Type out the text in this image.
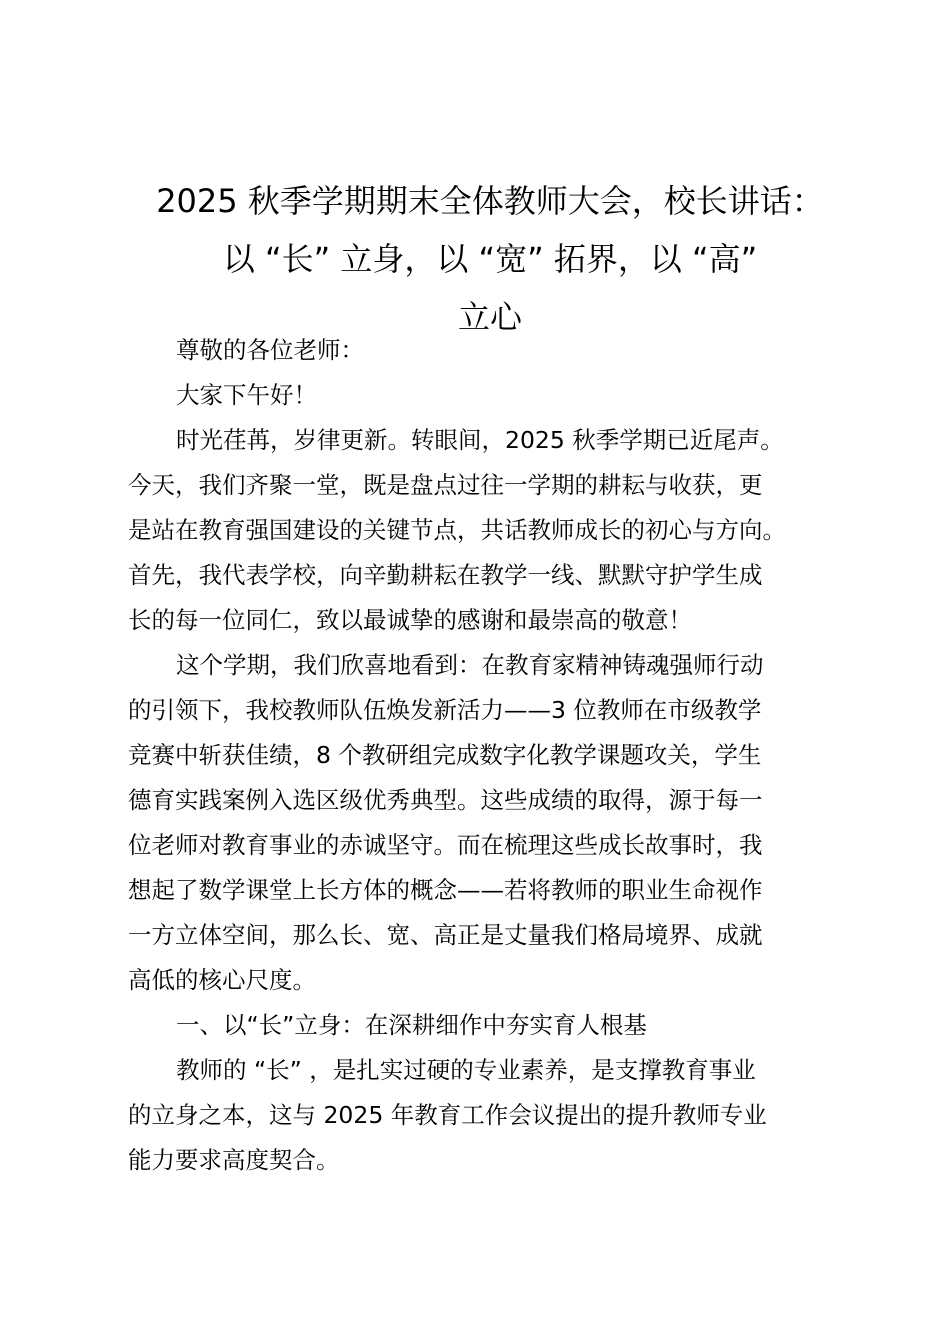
2025 秋季学期期末全体教师大会，校长讲话：
以 “长” 立身，以 “宽” 拓界，以 “高”
立心

尊敬的各位老师：

大家下午好！

时光荏苒，岁律更新。转眼间，2025 秋季学期已近尾声。
今天，我们齐聚一堂，既是盘点过往一学期的耕耘与收获，更
是站在教育强国建设的关键节点，共话教师成长的初心与方向。
首先，我代表学校，向辛勤耕耘在教学一线、默默守护学生成
长的每一位同仁，致以最诚挚的感谢和最崇高的敬意！

这个学期，我们欣喜地看到：在教育家精神铸魂强师行动
的引领下，我校教师队伍焕发新活力——3 位教师在市级教学
竞赛中斩获佳绩，8 个教研组完成数字化教学课题攻关，学生
德育实践案例入选区级优秀典型。这些成绩的取得，源于每一
位老师对教育事业的赤诚坚守。而在梳理这些成长故事时，我
想起了数学课堂上长方体的概念——若将教师的职业生命视作
一方立体空间，那么长、宽、高正是丈量我们格局境界、成就
高低的核心尺度。

一、以“长”立身：在深耕细作中夯实育人根基

教师的 “长” ，是扎实过硬的专业素养，是支撑教育事业
的立身之本，这与 2025 年教育工作会议提出的提升教师专业
能力要求高度契合。
